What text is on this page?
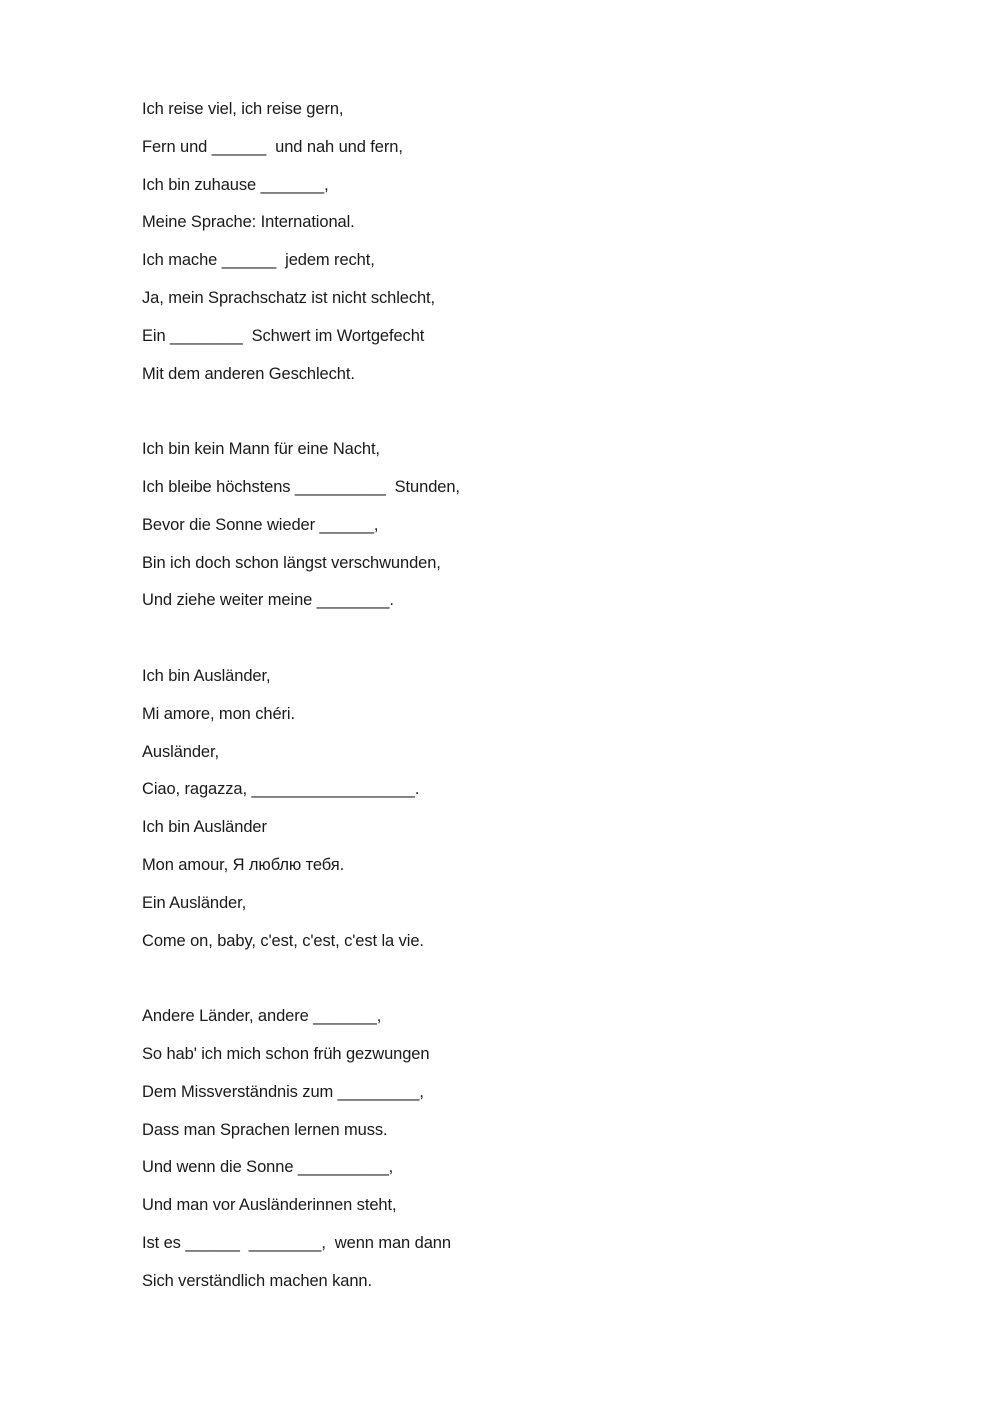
Ich reise viel, ich reise gern,
Fern und ______  und nah und fern,
Ich bin zuhause _______,
Meine Sprache: International.
Ich mache ______  jedem recht,
Ja, mein Sprachschatz ist nicht schlecht,
Ein ________  Schwert im Wortgefecht
Mit dem anderen Geschlecht.
Ich bin kein Mann für eine Nacht,
Ich bleibe höchstens __________  Stunden,
Bevor die Sonne wieder ______,
Bin ich doch schon längst verschwunden,
Und ziehe weiter meine ________.
Ich bin Ausländer,
Mi amore, mon chéri.
Ausländer,
Ciao, ragazza, __________________.
Ich bin Ausländer
Mon amour, Я люблю тебя.
Ein Ausländer,
Come on, baby, c'est, c'est, c'est la vie.
Andere Länder, andere _______,
So hab' ich mich schon früh gezwungen
Dem Missverständnis zum _________,
Dass man Sprachen lernen muss.
Und wenn die Sonne __________,
Und man vor Ausländerinnen steht,
Ist es ______  ________,  wenn man dann
Sich verständlich machen kann.
